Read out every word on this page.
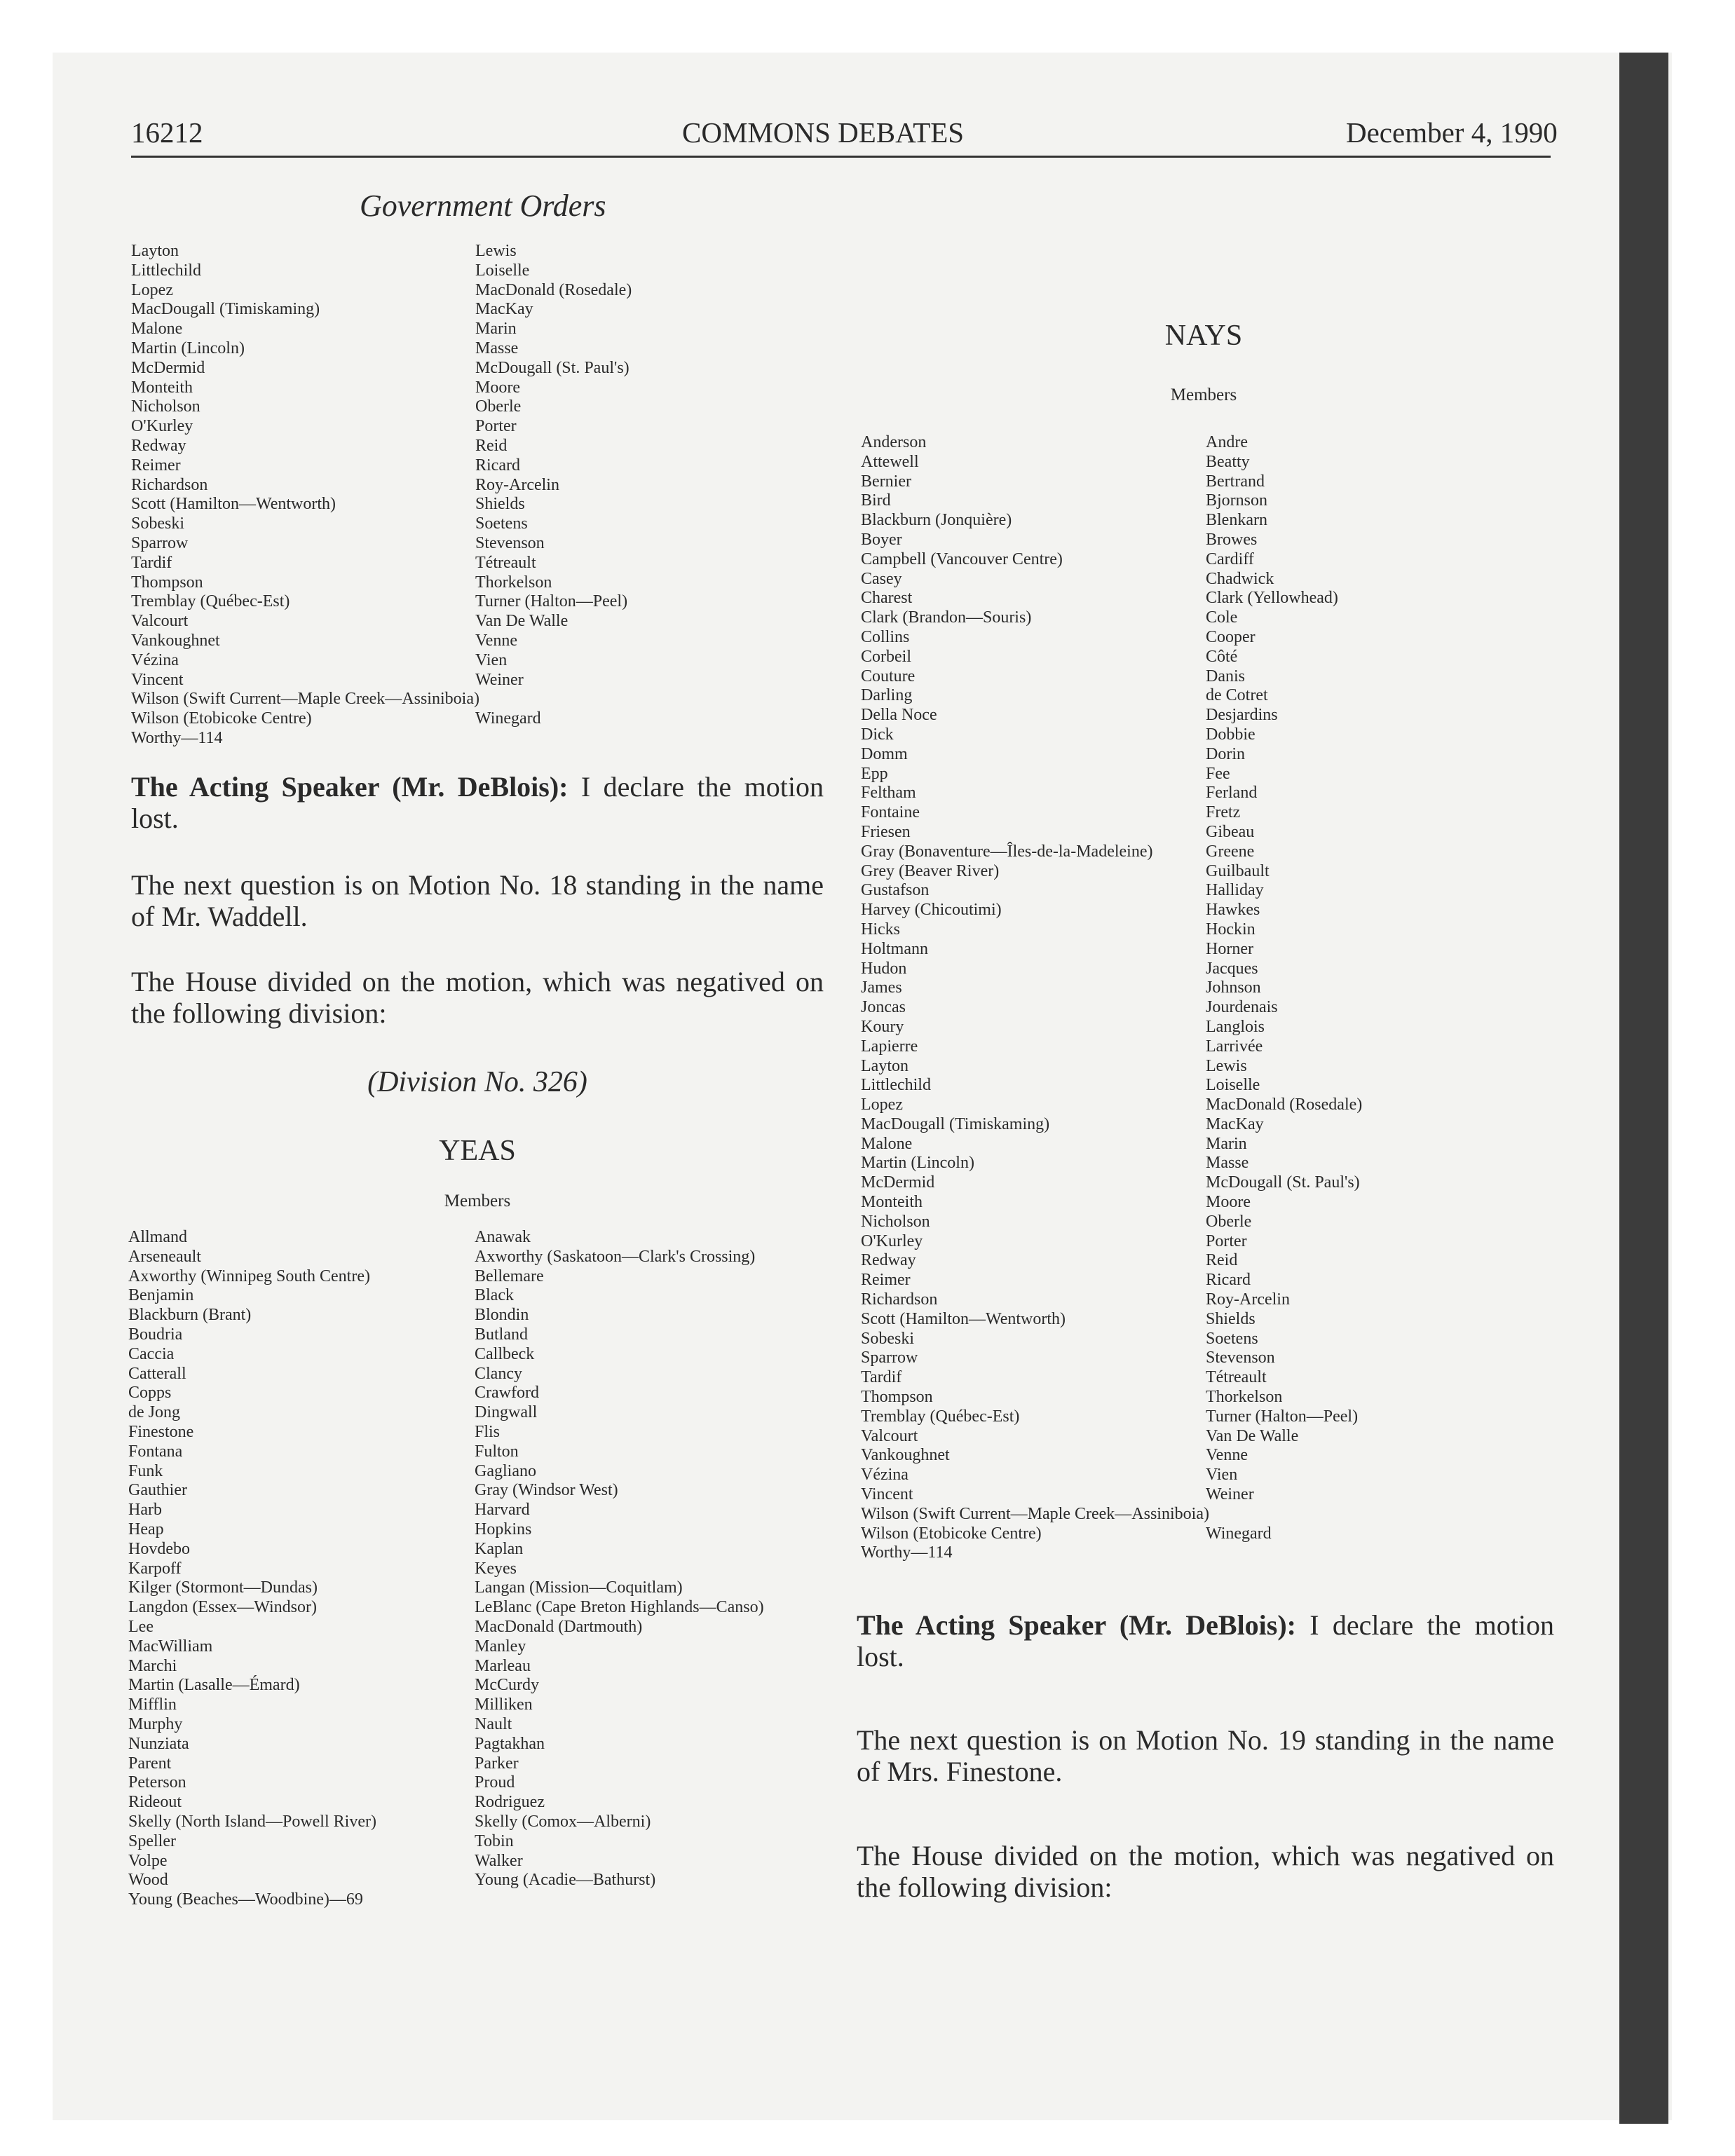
16212	COMMONS DEBATES	December 4, 1990
Government Orders
Layton
Littlechild
Lopez
MacDougall (Timiskaming)
Malone
Martin (Lincoln)
McDermid
Monteith
Nicholson
O'Kurley
Redway
Reimer
Richardson
Scott (Hamilton—Wentworth)
Sobeski
Sparrow
Tardif
Thompson
Tremblay (Québec-Est)
Valcourt
Vankoughnet
Vézina
Vincent
Wilson (Swift Current—Maple Creek—Assiniboia)
Wilson (Etobicoke Centre)
Worthy—114
Lewis
Loiselle
MacDonald (Rosedale)
MacKay
Marin
Masse
McDougall (St. Paul's)
Moore
Oberle
Porter
Reid
Ricard
Roy-Arcelin
Shields
Soetens
Stevenson
Tétreault
Thorkelson
Turner (Halton—Peel)
Van De Walle
Venne
Vien
Weiner
Winegard

The Acting Speaker (Mr. DeBlois): I declare the motion lost.

The next question is on Motion No. 18 standing in the name of Mr. Waddell.

The House divided on the motion, which was negatived on the following division:

(Division No. 326)
YEAS
Members
Allmand
Arseneault
Axworthy (Winnipeg South Centre)
Benjamin
Blackburn (Brant)
Boudria
Caccia
Catterall
Copps
de Jong
Finestone
Fontana
Funk
Gauthier
Harb
Heap
Hovdebo
Karpoff
Kilger (Stormont—Dundas)
Langdon (Essex—Windsor)
Lee
MacWilliam
Marchi
Martin (Lasalle—Émard)
Mifflin
Murphy
Nunziata
Parent
Peterson
Rideout
Skelly (North Island—Powell River)
Speller
Volpe
Wood
Young (Beaches—Woodbine)—69
Anawak
Axworthy (Saskatoon—Clark's Crossing)
Bellemare
Black
Blondin
Butland
Callbeck
Clancy
Crawford
Dingwall
Flis
Fulton
Gagliano
Gray (Windsor West)
Harvard
Hopkins
Kaplan
Keyes
Langan (Mission—Coquitlam)
LeBlanc (Cape Breton Highlands—Canso)
MacDonald (Dartmouth)
Manley
Marleau
McCurdy
Milliken
Nault
Pagtakhan
Parker
Proud
Rodriguez
Skelly (Comox—Alberni)
Tobin
Walker
Young (Acadie—Bathurst)
NAYS
Members
Anderson
Attewell
Bernier
Bird
Blackburn (Jonquière)
Boyer
Campbell (Vancouver Centre)
Casey
Charest
Clark (Brandon—Souris)
Collins
Corbeil
Couture
Darling
Della Noce
Dick
Domm
Epp
Feltham
Fontaine
Friesen
Gray (Bonaventure—Îles-de-la-Madeleine)
Grey (Beaver River)
Gustafson
Harvey (Chicoutimi)
Hicks
Holtmann
Hudon
James
Joncas
Koury
Lapierre
Layton
Littlechild
Lopez
MacDougall (Timiskaming)
Malone
Martin (Lincoln)
McDermid
Monteith
Nicholson
O'Kurley
Redway
Reimer
Richardson
Scott (Hamilton—Wentworth)
Sobeski
Sparrow
Tardif
Thompson
Tremblay (Québec-Est)
Valcourt
Vankoughnet
Vézina
Vincent
Wilson (Swift Current—Maple Creek—Assiniboia)
Wilson (Etobicoke Centre)
Worthy—114
Andre
Beatty
Bertrand
Bjornson
Blenkarn
Browes
Cardiff
Chadwick
Clark (Yellowhead)
Cole
Cooper
Côté
Danis
de Cotret
Desjardins
Dobbie
Dorin
Fee
Ferland
Fretz
Gibeau
Greene
Guilbault
Halliday
Hawkes
Hockin
Horner
Jacques
Johnson
Jourdenais
Langlois
Larrivée
Lewis
Loiselle
MacDonald (Rosedale)
MacKay
Marin
Masse
McDougall (St. Paul's)
Moore
Oberle
Porter
Reid
Ricard
Roy-Arcelin
Shields
Soetens
Stevenson
Tétreault
Thorkelson
Turner (Halton—Peel)
Van De Walle
Venne
Vien
Weiner
Winegard

The Acting Speaker (Mr. DeBlois): I declare the motion lost.

The next question is on Motion No. 19 standing in the name of Mrs. Finestone.

The House divided on the motion, which was negatived on the following division:
